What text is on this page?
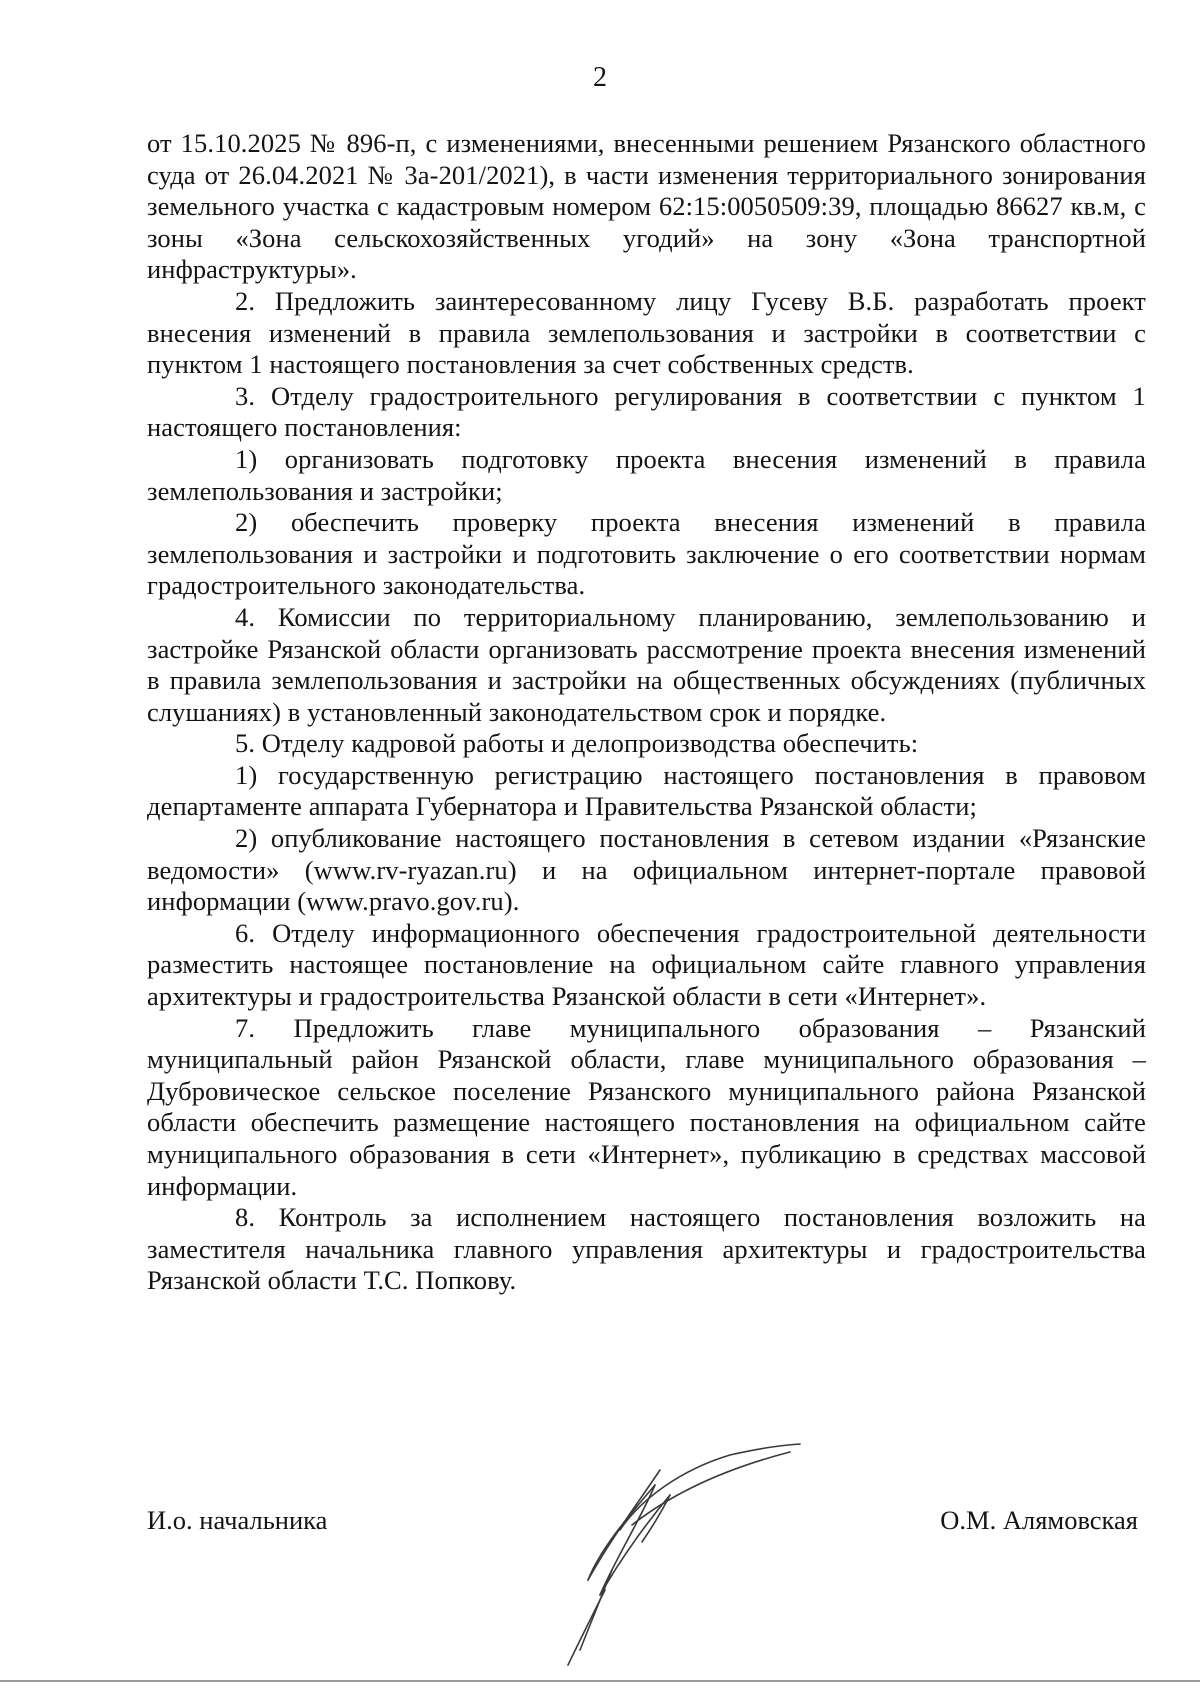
2

от 15.10.2025 № 896-п, с изменениями, внесенными решением Рязанского областного суда от 26.04.2021 № 3а-201/2021), в части изменения территориального зонирования земельного участка с кадастровым номером 62:15:0050509:39, площадью 86627 кв.м, с зоны «Зона сельскохозяйственных угодий» на зону «Зона транспортной инфраструктуры».

2. Предложить заинтересованному лицу Гусеву В.Б. разработать проект внесения изменений в правила землепользования и застройки в соответствии с пунктом 1 настоящего постановления за счет собственных средств.

3. Отделу градостроительного регулирования в соответствии с пунктом 1 настоящего постановления:

1) организовать подготовку проекта внесения изменений в правила землепользования и застройки;

2) обеспечить проверку проекта внесения изменений в правила землепользования и застройки и подготовить заключение о его соответствии нормам градостроительного законодательства.

4. Комиссии по территориальному планированию, землепользованию и застройке Рязанской области организовать рассмотрение проекта внесения изменений в правила землепользования и застройки на общественных обсуждениях (публичных слушаниях) в установленный законодательством срок и порядке.

5. Отделу кадровой работы и делопроизводства обеспечить:

1) государственную регистрацию настоящего постановления в правовом департаменте аппарата Губернатора и Правительства Рязанской области;

2) опубликование настоящего постановления в сетевом издании «Рязанские ведомости» (www.rv-ryazan.ru) и на официальном интернет-портале правовой информации (www.pravo.gov.ru).

6. Отделу информационного обеспечения градостроительной деятельности разместить настоящее постановление на официальном сайте главного управления архитектуры и градостроительства Рязанской области в сети «Интернет».

7. Предложить главе муниципального образования – Рязанский муниципальный район Рязанской области, главе муниципального образования – Дубровическое сельское поселение Рязанского муниципального района Рязанской области обеспечить размещение настоящего постановления на официальном сайте муниципального образования в сети «Интернет», публикацию в средствах массовой информации.

8. Контроль за исполнением настоящего постановления возложить на заместителя начальника главного управления архитектуры и градостроительства Рязанской области Т.С. Попкову.

И.о. начальника	О.М. Алямовская
